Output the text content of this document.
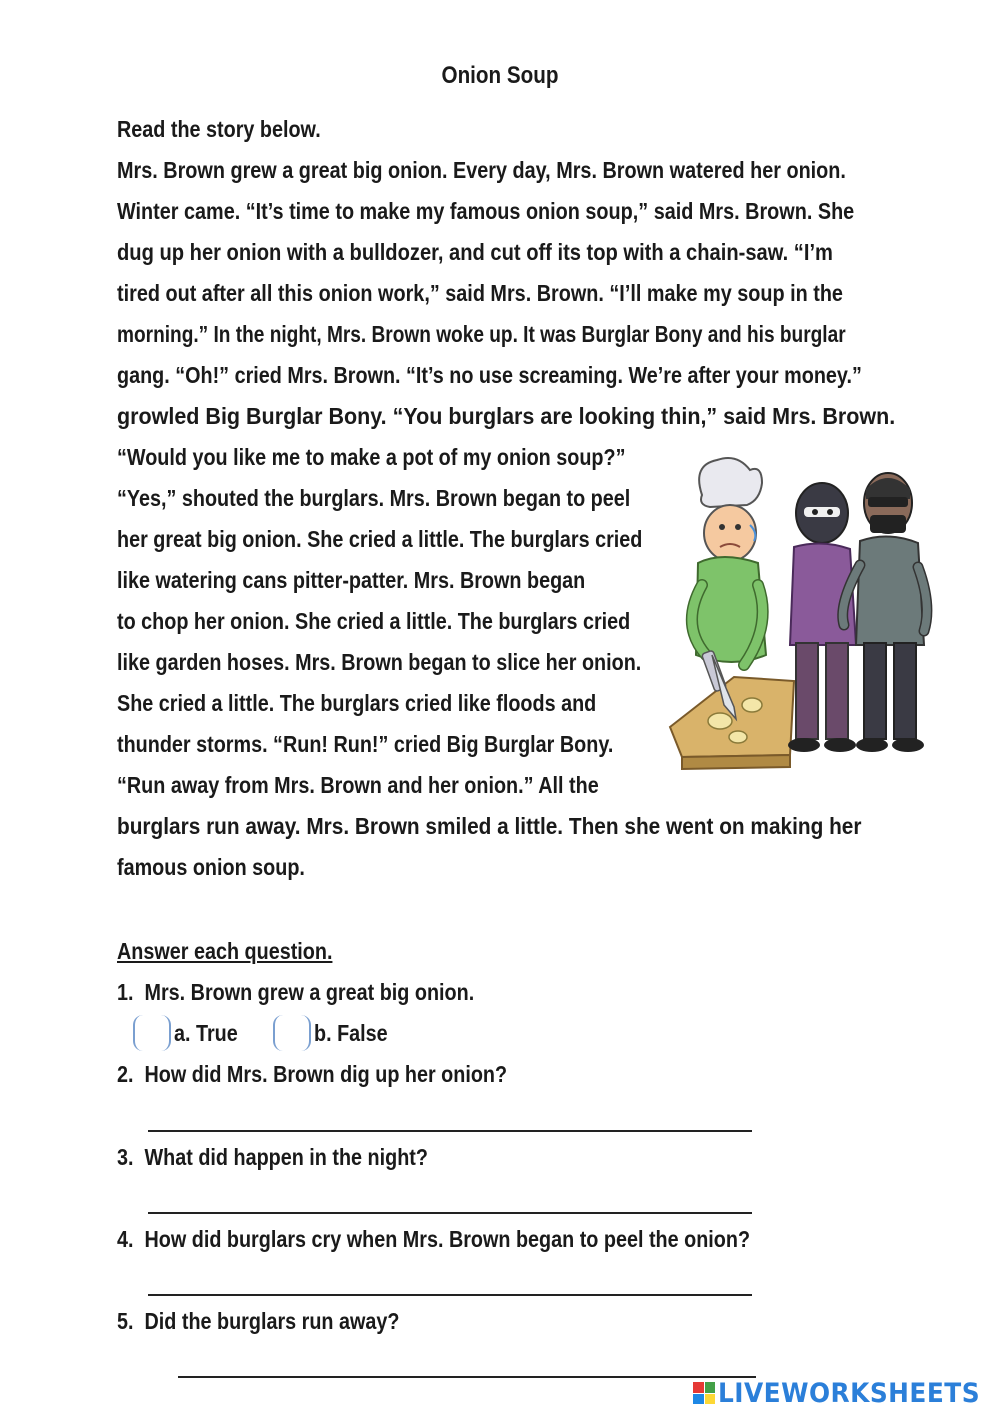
Onion Soup
Read the story below.
Mrs. Brown grew a great big onion. Every day, Mrs. Brown watered her onion.
Winter came. “It’s time to make my famous onion soup,” said Mrs. Brown. She
dug up her onion with a bulldozer, and cut off its top with a chain-saw. “I’m
tired out after all this onion work,” said Mrs. Brown. “I’ll make my soup in the
morning.” In the night, Mrs. Brown woke up. It was Burglar Bony and his burglar
gang. “Oh!” cried Mrs. Brown. “It’s no use screaming. We’re after your money.”
growled Big Burglar Bony. “You burglars are looking thin,” said Mrs. Brown.
“Would you like me to make a pot of my onion soup?”
“Yes,” shouted the burglars. Mrs. Brown began to peel
her great big onion. She cried a little. The burglars cried
like watering cans pitter-patter. Mrs. Brown began
to chop her onion. She cried a little. The burglars cried
like garden hoses. Mrs. Brown began to slice her onion.
She cried a little. The burglars cried like floods and
thunder storms. “Run! Run!” cried Big Burglar Bony.
“Run away from Mrs. Brown and her onion.” All the
burglars run away. Mrs. Brown smiled a little. Then she went on making her
famous onion soup.
Answer each question.
1. Mrs. Brown grew a great big onion.
a. True	b. False
2. How did Mrs. Brown dig up her onion?
3. What did happen in the night?
4. How did burglars cry when Mrs. Brown began to peel the onion?
5. Did the burglars run away?

LIVEWORKSHEETS
